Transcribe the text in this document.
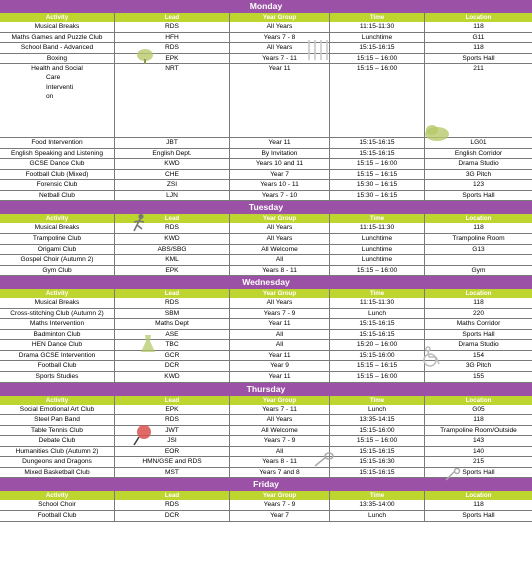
Monday
Activity	Lead	Year Group	Time	Location
Musical Breaks	RDS	All Years	11:15-11:30	118
Maths Games and Puzzle Club	HFH	Years 7 - 8	Lunchtime	G11
School Band - Advanced	RDS	All Years	15:15-16:15	118
Boxing	EPK	Years 7 - 11	15:15 – 16:00	Sports Hall
Health and Social
Care
Interventi
on
NRT	Year 11	15:15 – 16:00	211
Food Intervention	JBT	Year 11	15:15-16:15	LG01
English Speaking and Listening	English Dept.	By Invitation	15:15-16:15	English Corridor
GCSE Dance Club	KWD	Years 10 and 11	15:15 – 16:00	Drama Studio
Football Club (Mixed)	CHE	Year 7	15:15 – 16:15	3G Pitch
Forensic Club	ZSI	Years 10 - 11	15:30 – 16:15	123
Netball Club	LJN	Years 7 - 10	15:30 – 16:15	Sports Hall
Tuesday
Activity	Lead	Year Group	Time	Location
Musical Breaks	RDS	All Years	11:15-11:30	118
Trampoline Club	KWD	All Years	Lunchtime	Trampoline Room
Origami Club	ABS/SBG	All Welcome	Lunchtime	G13
Gospel Choir (Autumn 2)	KML	All	Lunchtime
Gym Club	EPK	Years 8 - 11	15:15 – 16:00	Gym
Wednesday
Activity	Lead	Year Group	Time	Location
Musical Breaks	RDS	All Years	11:15-11:30	118
Cross-stitching Club (Autumn 2)	SBM	Years 7 - 9	Lunch	220
Maths Intervention	Maths Dept	Year 11	15:15-16:15	Maths Corridor
Badminton Club	ASE	All	15:15-16:15	Sports Hall
HEN Dance Club	TBC	All	15:20 – 16:00	Drama Studio
Drama GCSE Intervention	GCR	Year 11	15:15-16:00	154
Football Club	DCR	Year 9	15:15 – 16:15	3G Pitch
Sports Studies	KWD	Year 11	15:15 – 16:00	155
Thursday
Activity	Lead	Year Group	Time	Location
Social Emotional Art Club	EPK	Years 7 - 11	Lunch	G05
Steel Pan Band	RDS	All Years	13:35-14:15	118
Table Tennis Club	JWT	All Welcome	15:15-16:00	Trampoline Room/Outside
Debate Club	JSI	Years 7 - 9	15:15 – 16:00	143
Humanities Club (Autumn 2)	EOR	All	15:15-16:15	140
Dungeons and Dragons	HMN/GSE and RDS	Years 8 - 11	15:15-16:30	215
Mixed Basketball Club	MST	Years 7 and 8	15:15-16:15	Sports Hall
Friday
Activity	Lead	Year Group	Time	Location
School Choir	RDS	Years 7 - 9	13:35-14:00	118
Football Club	DCR	Year 7	Lunch	Sports Hall
